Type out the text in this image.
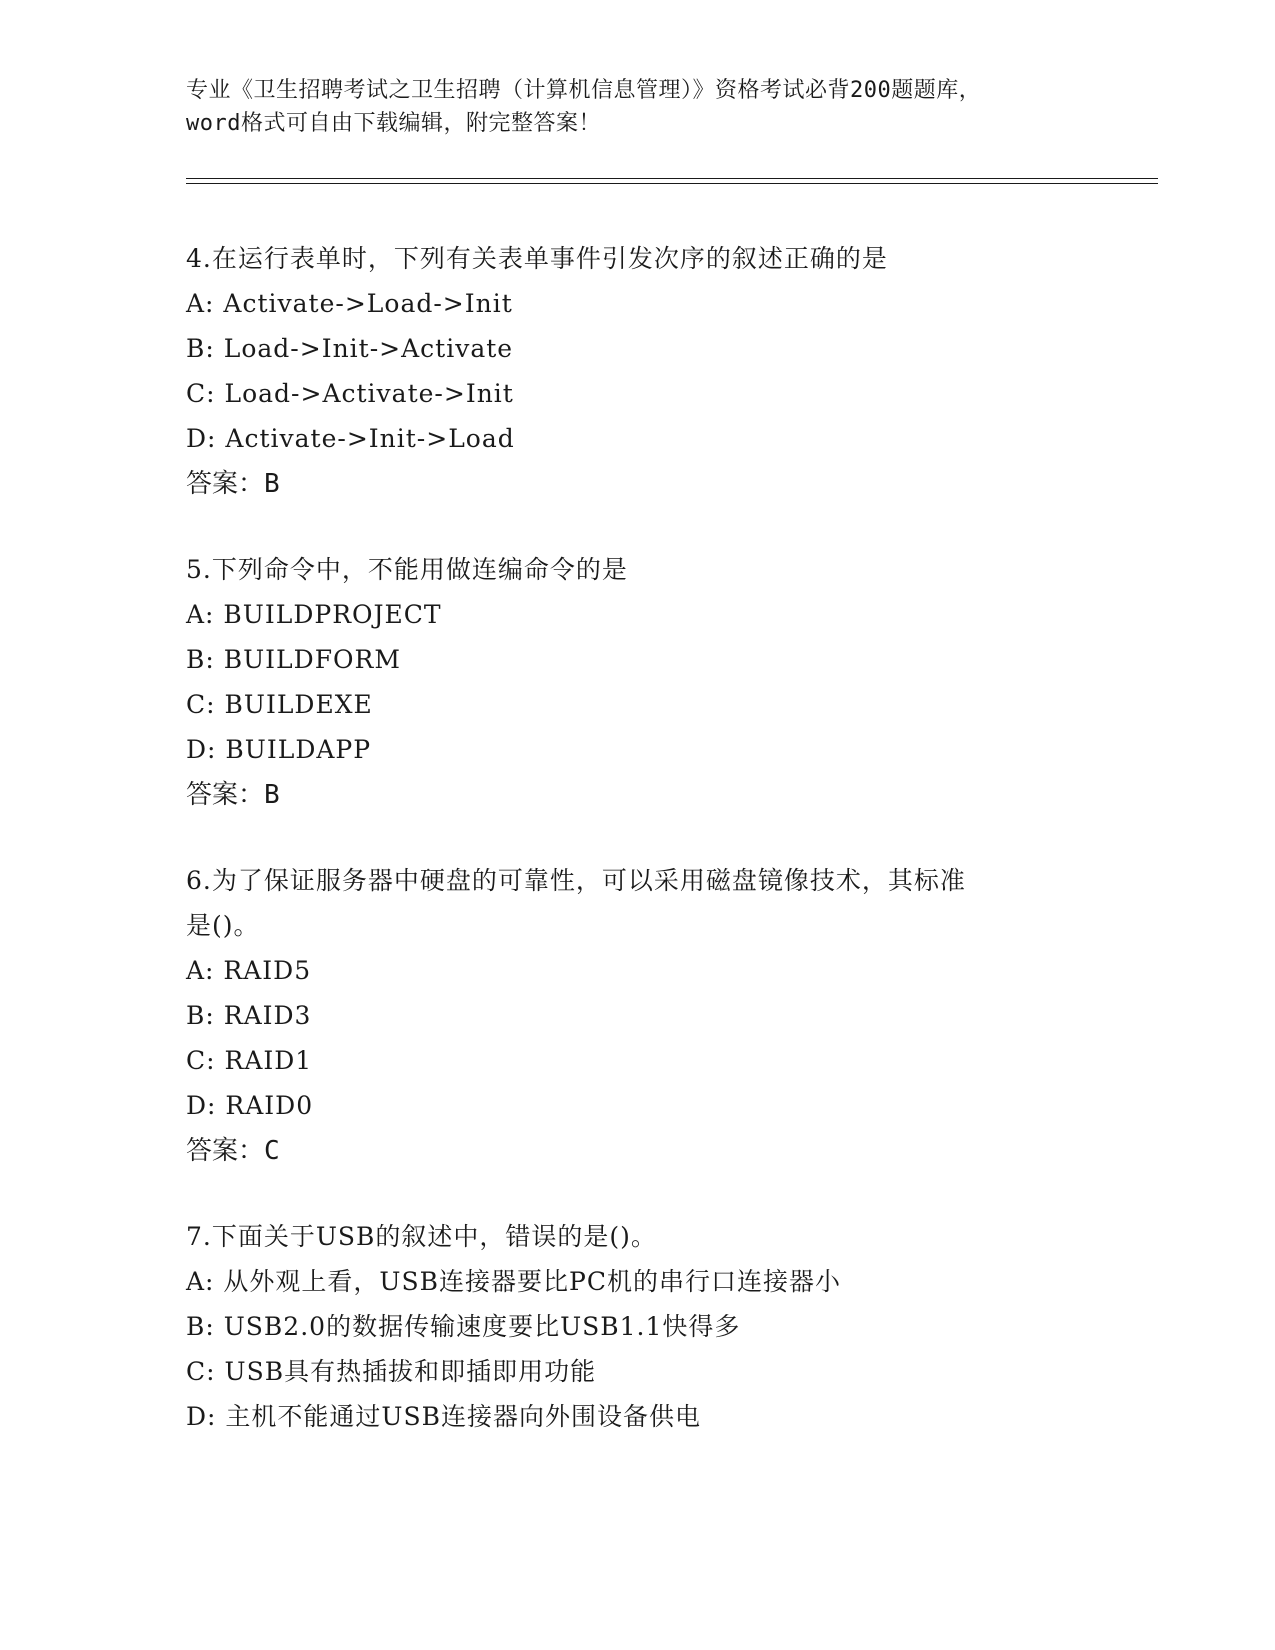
专业《卫生招聘考试之卫生招聘（计算机信息管理）》资格考试必背200题题库，
word格式可自由下载编辑，附完整答案！
4.在运行表单时，下列有关表单事件引发次序的叙述正确的是
A: Activate->Load->Init
B: Load->Init->Activate
C: Load->Activate->Init
D: Activate->Init->Load
答案：B
5.下列命令中，不能用做连编命令的是
A: BUILDPROJECT
B: BUILDFORM
C: BUILDEXE
D: BUILDAPP
答案：B
6.为了保证服务器中硬盘的可靠性，可以采用磁盘镜像技术，其标准
是()。
A: RAID5
B: RAID3
C: RAID1
D: RAID0
答案：C
7.下面关于USB的叙述中，错误的是()。
A: 从外观上看，USB连接器要比PC机的串行口连接器小
B: USB2.0的数据传输速度要比USB1.1快得多
C: USB具有热插拔和即插即用功能
D: 主机不能通过USB连接器向外围设备供电
